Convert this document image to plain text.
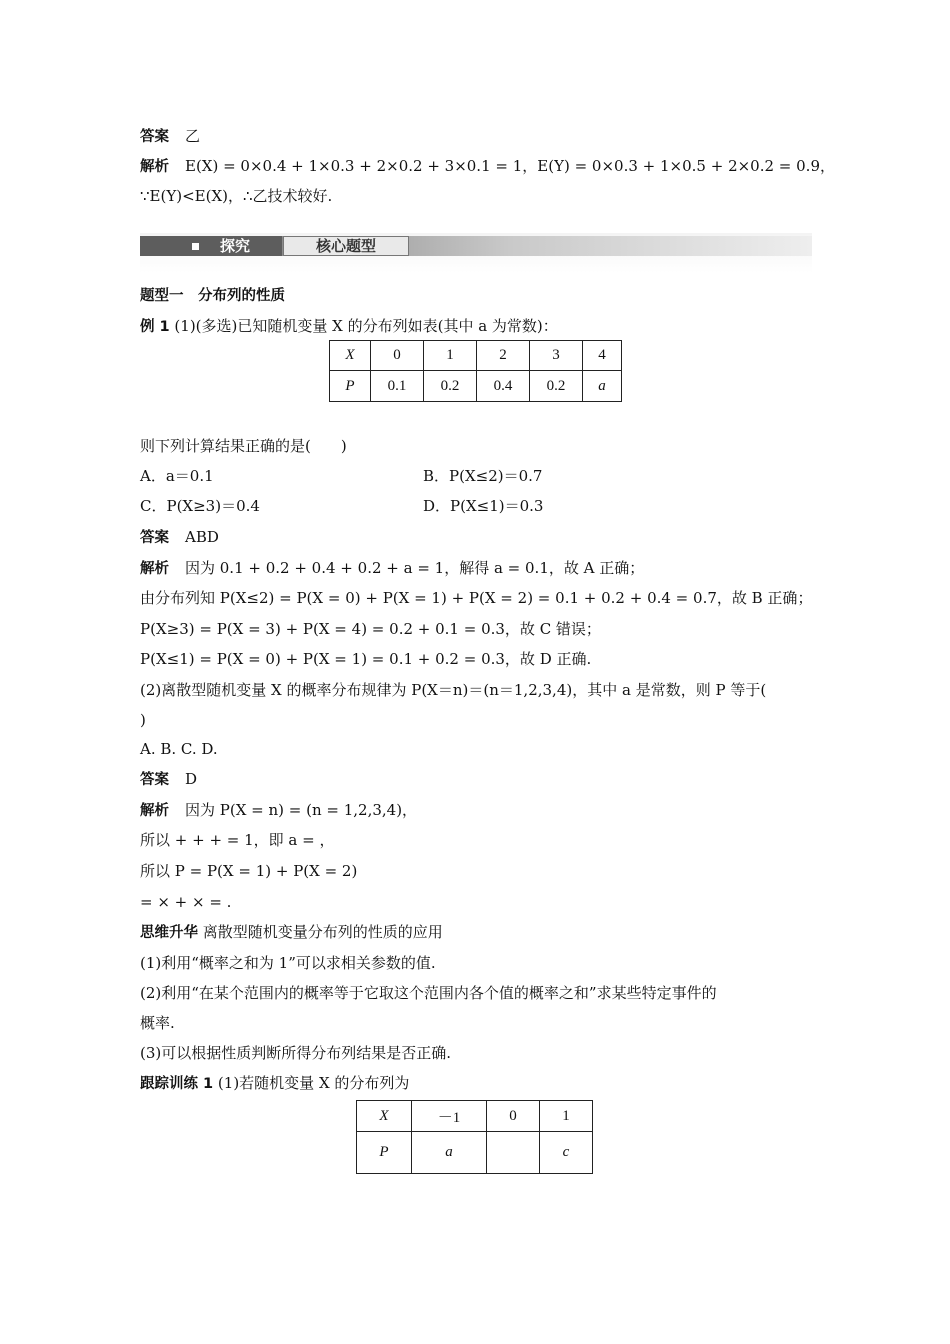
答案 乙
解析 E(X) = 0×0.4 + 1×0.3 + 2×0.2 + 3×0.1 = 1，E(Y) = 0×0.3 + 1×0.5 + 2×0.2 = 0.9，
∵E(Y)<E(X)，∴乙技术较好.
探究	核心题型
题型一　分布列的性质
例 1 (1)(多选)已知随机变量 X 的分布列如表(其中 a 为常数)：
X	0	1	2	3	4
P	0.1	0.2	0.4	0.2	a
则下列计算结果正确的是(　　)
A．a＝0.1	B．P(X≤2)＝0.7
C．P(X≥3)＝0.4	D．P(X≤1)＝0.3
答案 ABD
解析 因为 0.1 + 0.2 + 0.4 + 0.2 + a = 1，解得 a = 0.1，故 A 正确；
由分布列知 P(X≤2) = P(X = 0) + P(X = 1) + P(X = 2) = 0.1 + 0.2 + 0.4 = 0.7，故 B 正确；
P(X≥3) = P(X = 3) + P(X = 4) = 0.2 + 0.1 = 0.3，故 C 错误；
P(X≤1) = P(X = 0) + P(X = 1) = 0.1 + 0.2 = 0.3，故 D 正确.
(2)离散型随机变量 X 的概率分布规律为 P(X＝n)＝(n＝1,2,3,4)，其中 a 是常数，则 P 等于(
)
A. B. C. D.
答案 D
解析 因为 P(X = n) = (n = 1,2,3,4)，
所以 + + + = 1，即 a = ，
所以 P = P(X = 1) + P(X = 2)
= × + × = .
思维升华 离散型随机变量分布列的性质的应用
(1)利用“概率之和为 1”可以求相关参数的值.
(2)利用“在某个范围内的概率等于它取这个范围内各个值的概率之和”求某些特定事件的
概率.
(3)可以根据性质判断所得分布列结果是否正确.
跟踪训练 1 (1)若随机变量 X 的分布列为
X	－1	0	1
P	a		c
